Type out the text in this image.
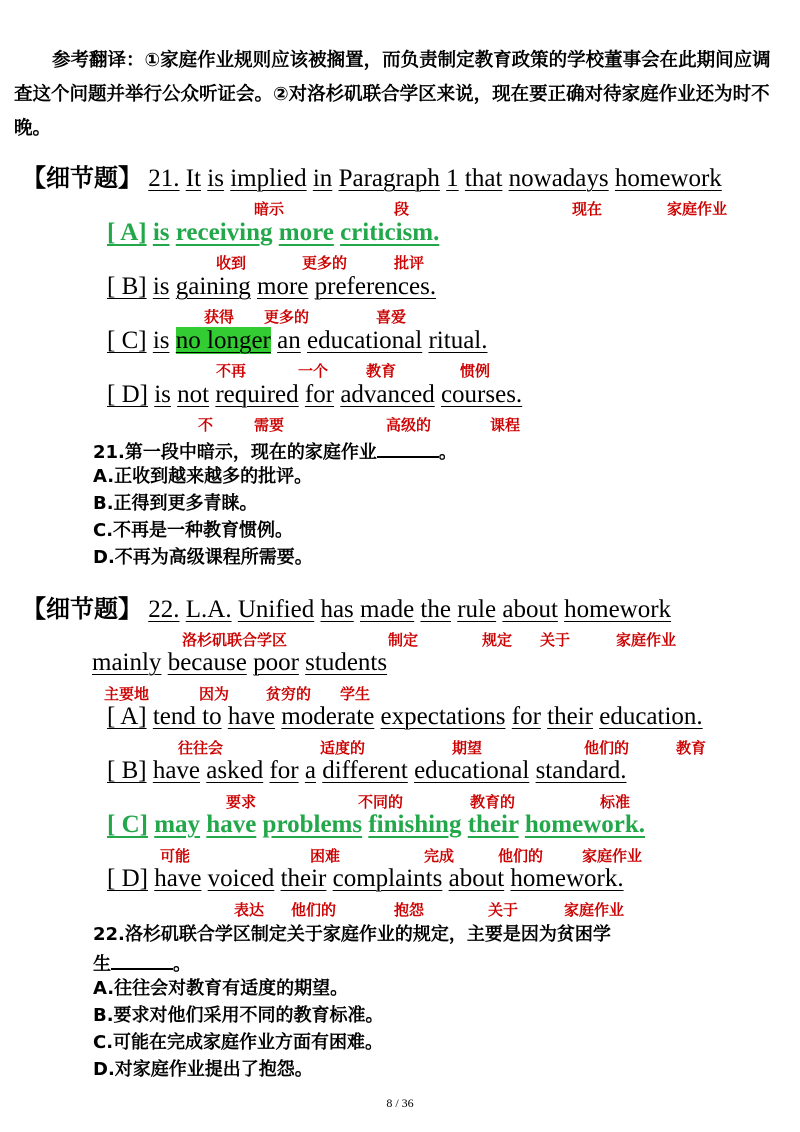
参考翻译：①家庭作业规则应该被搁置，而负责制定教育政策的学校董事会在此期间应调查这个问题并举行公众听证会。②对洛杉矶联合学区来说，现在要正确对待家庭作业还为时不晚。
【细节题】 21. It is implied in Paragraph 1 that nowadays homework
暗示	段	现在	家庭作业
[ A] is receiving more criticism.
收到	更多的	批评
[ B] is gaining more preferences.
获得 更多的	喜爱
[ C] is no longer an educational ritual.
不再	一个	教育	惯例
[ D] is not required for advanced courses.
不	需要	高级的	课程
21.第一段中暗示，现在的家庭作业	。
A.正收到越来越多的批评。
B.正得到更多青睐。
C.不再是一种教育惯例。
D.不再为高级课程所需要。
【细节题】 22. L.A. Unified has made the rule about homework
洛杉矶联合学区	制定	规定 关于	家庭作业
mainly because poor students
主要地	因为 贫穷的 学生
[ A] tend to have moderate expectations for their education.
往往会	适度的	期望	他们的	教育
[ B] have asked for a different educational standard.
要求	不同的	教育的	标准
[ C] may have problems finishing their homework.
可能	困难	完成	他们的	家庭作业
[ D] have voiced their complaints about homework.
表达 他们的	抱怨	关于	家庭作业
22.洛杉矶联合学区制定关于家庭作业的规定，主要是因为贫困学
生	。
A.往往会对教育有适度的期望。
B.要求对他们采用不同的教育标准。
C.可能在完成家庭作业方面有困难。
D.对家庭作业提出了抱怨。
8 / 36
